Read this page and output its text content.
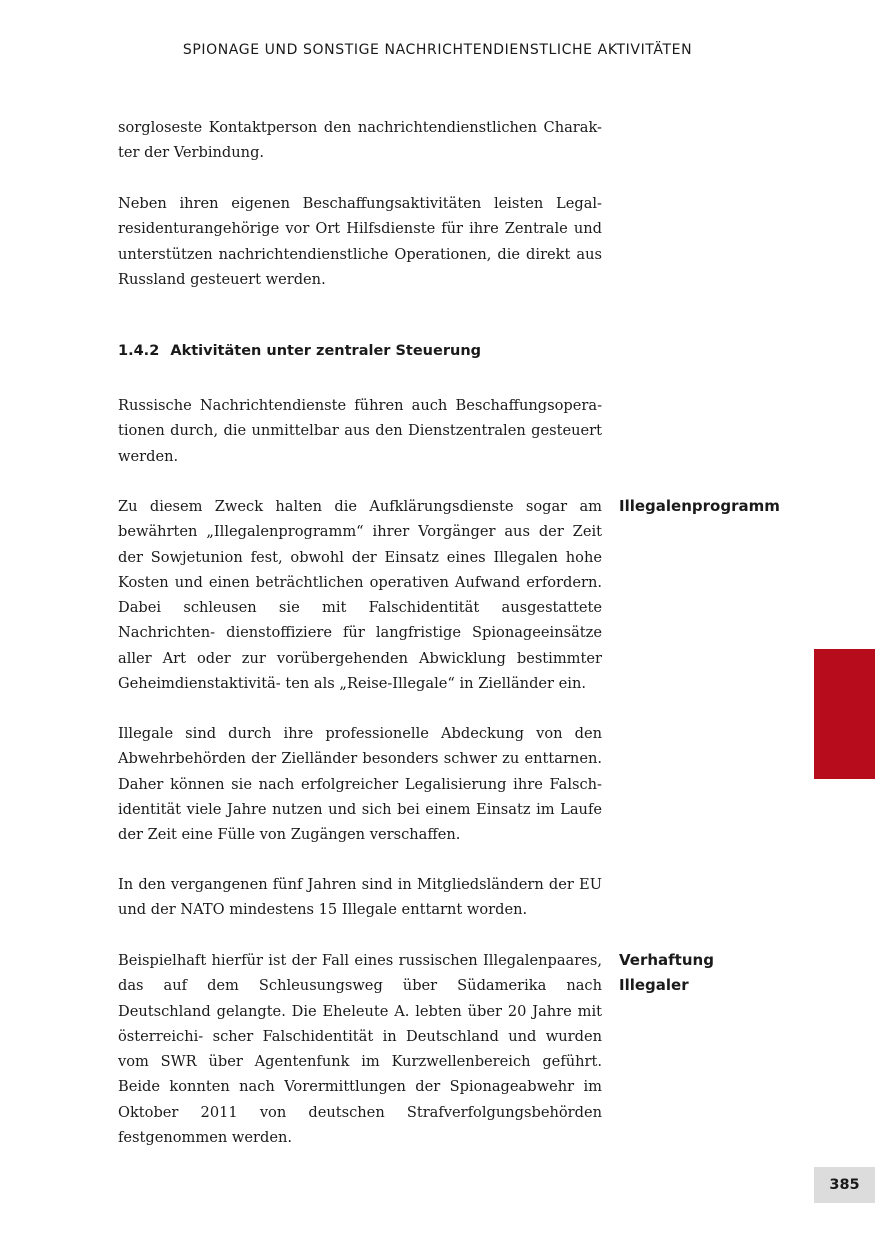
SPIONAGE UND SONSTIGE NACHRICHTENDIENSTLICHE AKTIVITÄTEN

sorgloseste Kontaktperson den nachrichtendienstlichen Charak- ter der Verbindung.

Neben ihren eigenen Beschaffungsaktivitäten leisten Legal- residenturangehörige vor Ort Hilfsdienste für ihre Zentrale und unterstützen nachrichtendienstliche Operationen, die direkt aus Russland gesteuert werden.

1.4.2 Aktivitäten unter zentraler Steuerung

Russische Nachrichtendienste führen auch Beschaffungsopera- tionen durch, die unmittelbar aus den Dienstzentralen gesteuert werden.

Zu diesem Zweck halten die Aufklärungsdienste sogar am bewährten „Illegalenprogramm“ ihrer Vorgänger aus der Zeit der Sowjetunion fest, obwohl der Einsatz eines Illegalen hohe Kosten und einen beträchtlichen operativen Aufwand erfordern. Dabei schleusen sie mit Falschidentität ausgestattete Nachrichten- dienstoffiziere für langfristige Spionageeinsätze aller Art oder zur vorübergehenden Abwicklung bestimmter Geheimdienstaktivitä- ten als „Reise-Illegale“ in Zielländer ein.

Illegale sind durch ihre professionelle Abdeckung von den Abwehrbehörden der Zielländer besonders schwer zu enttarnen. Daher können sie nach erfolgreicher Legalisierung ihre Falsch- identität viele Jahre nutzen und sich bei einem Einsatz im Laufe der Zeit eine Fülle von Zugängen verschaffen.

In den vergangenen fünf Jahren sind in Mitgliedsländern der EU und der NATO mindestens 15 Illegale enttarnt worden.

Beispielhaft hierfür ist der Fall eines russischen Illegalenpaares, das auf dem Schleusungsweg über Südamerika nach Deutschland gelangte. Die Eheleute A. lebten über 20 Jahre mit österreichi- scher Falschidentität in Deutschland und wurden vom SWR über Agentenfunk im Kurzwellenbereich geführt. Beide konnten nach Vorermittlungen der Spionageabwehr im Oktober 2011 von deutschen Strafverfolgungsbehörden festgenommen werden.

Illegalenprogramm
Verhaftung
Illegaler
385
